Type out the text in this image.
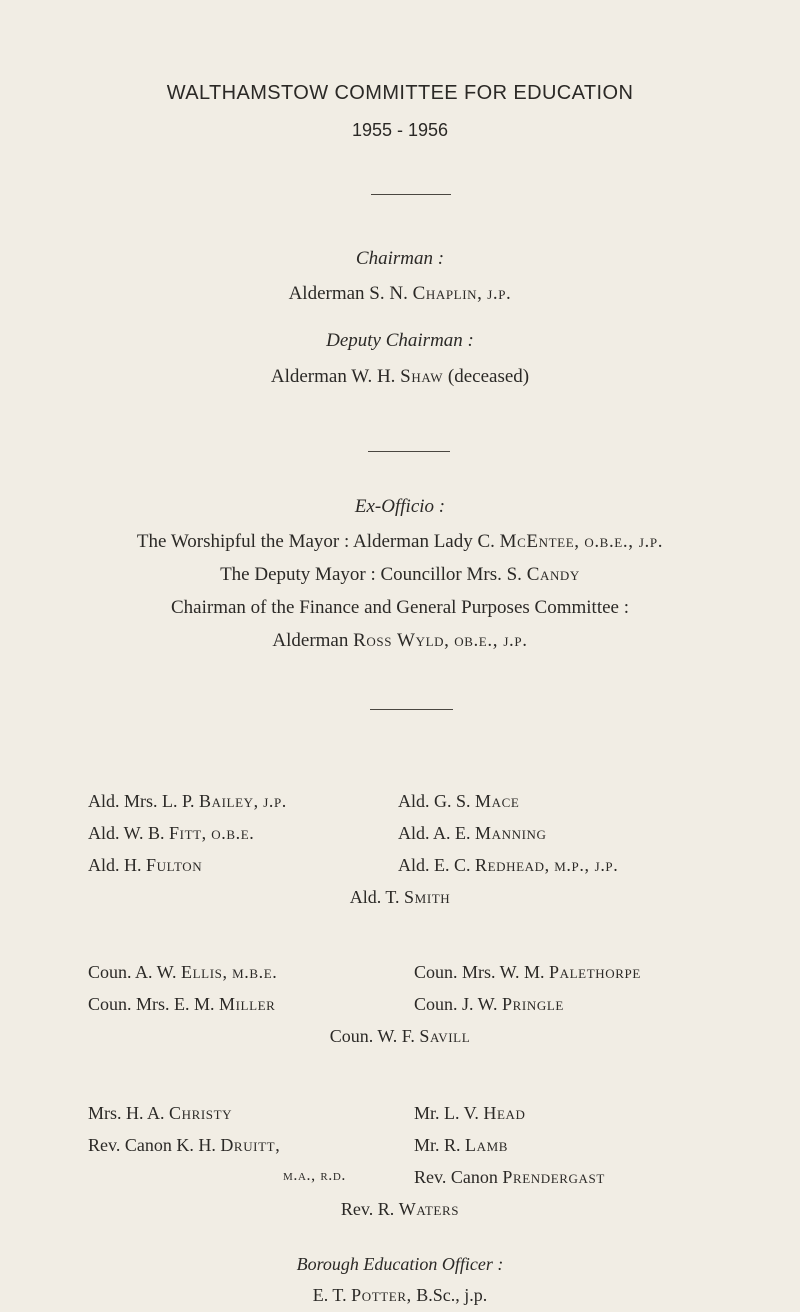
WALTHAMSTOW COMMITTEE FOR EDUCATION
1955 - 1956
Chairman :
Alderman S. N. Chaplin, j.p.
Deputy Chairman :
Alderman W. H. Shaw (deceased)
Ex-Officio :
The Worshipful the Mayor : Alderman Lady C. McEntee, o.b.e., j.p.
The Deputy Mayor : Councillor Mrs. S. Candy
Chairman of the Finance and General Purposes Committee :
Alderman Ross Wyld, ob.e., j.p.
Ald. Mrs. L. P. Bailey, j.p.
Ald. W. B. Fitt, o.b.e.
Ald. H. Fulton
Ald. G. S. Mace
Ald. A. E. Manning
Ald. E. C. Redhead, m.p., j.p.
Ald. T. Smith
Coun. A. W. Ellis, m.b.e.
Coun. Mrs. E. M. Miller
Coun. Mrs. W. M. Palethorpe
Coun. J. W. Pringle
Coun. W. F. Savill
Mrs. H. A. Christy
Rev. Canon K. H. Druitt,
m.a., r.d.
Mr. L. V. Head
Mr. R. Lamb
Rev. Canon Prendergast
Rev. R. Waters
Borough Education Officer :
E. T. Potter, B.Sc., j.p.
